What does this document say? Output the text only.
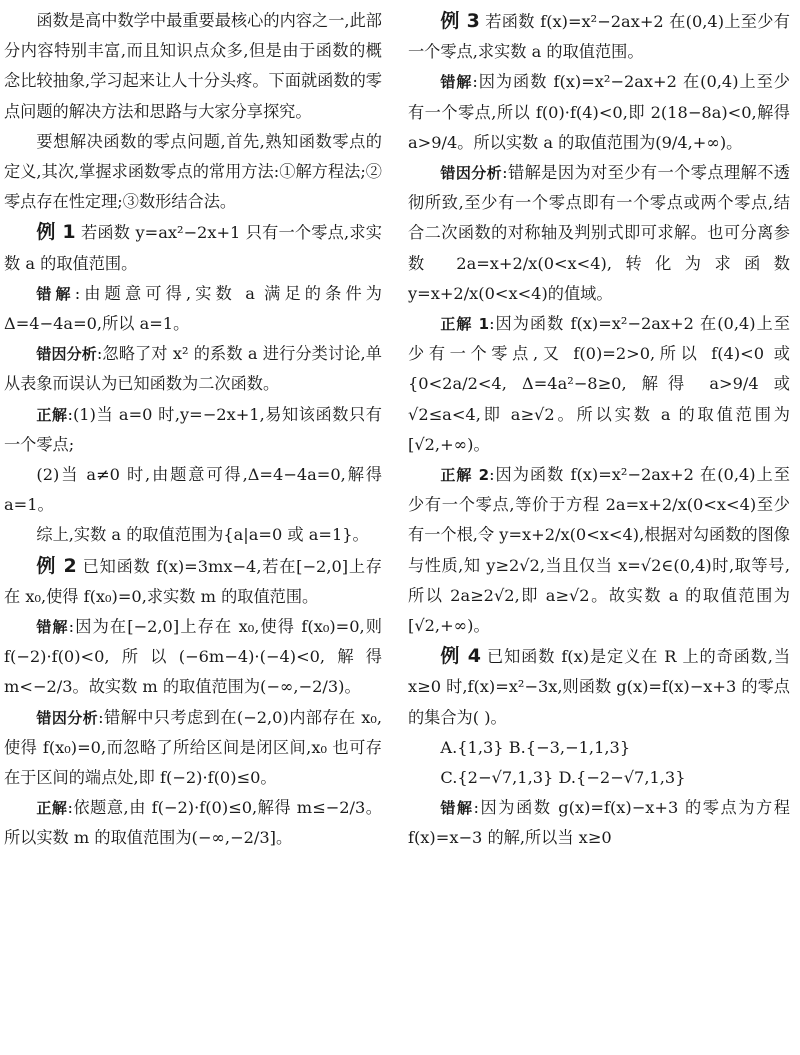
函数是高中数学中最重要最核心的内容之一,此部分内容特别丰富,而且知识点众多,但是由于函数的概念比较抽象,学习起来让人十分头疼。下面就函数的零点问题的解决方法和思路与大家分享探究。

要想解决函数的零点问题,首先,熟知函数零点的定义,其次,掌握求函数零点的常用方法:①解方程法;②零点存在性定理;③数形结合法。

例 1 若函数 y=ax²−2x+1 只有一个零点,求实数 a 的取值范围。

错解:由题意可得,实数 a 满足的条件为 Δ=4−4a=0,所以 a=1。

错因分析:忽略了对 x² 的系数 a 进行分类讨论,单从表象而误认为已知函数为二次函数。

正解:(1)当 a=0 时,y=−2x+1,易知该函数只有一个零点;

(2)当 a≠0 时,由题意可得,Δ=4−4a=0,解得 a=1。

综上,实数 a 的取值范围为{a|a=0 或 a=1}。

例 2 已知函数 f(x)=3mx−4,若在[−2,0]上存在 x₀,使得 f(x₀)=0,求实数 m 的取值范围。

错解:因为在[−2,0]上存在 x₀,使得 f(x₀)=0,则 f(−2)·f(0)<0,所以(−6m−4)·(−4)<0,解得 m<−2/3。故实数 m 的取值范围为(−∞,−2/3)。

错因分析:错解中只考虑到在(−2,0)内部存在 x₀,使得 f(x₀)=0,而忽略了所给区间是闭区间,x₀ 也可存在于区间的端点处,即 f(−2)·f(0)≤0。

正解:依题意,由 f(−2)·f(0)≤0,解得 m≤−2/3。所以实数 m 的取值范围为(−∞,−2/3]。

例 3 若函数 f(x)=x²−2ax+2 在(0,4)上至少有一个零点,求实数 a 的取值范围。

错解:因为函数 f(x)=x²−2ax+2 在(0,4)上至少有一个零点,所以 f(0)·f(4)<0,即 2(18−8a)<0,解得 a>9/4。所以实数 a 的取值范围为(9/4,+∞)。

错因分析:错解是因为对至少有一个零点理解不透彻所致,至少有一个零点即有一个零点或两个零点,结合二次函数的对称轴及判别式即可求解。也可分离参数 2a=x+2/x(0<x<4),转化为求函数 y=x+2/x(0<x<4)的值域。

正解 1:因为函数 f(x)=x²−2ax+2 在(0,4)上至少有一个零点,又 f(0)=2>0,所以 f(4)<0 或 {0<2a/2<4, Δ=4a²−8≥0, 解得 a>9/4 或 √2≤a<4,即 a≥√2。所以实数 a 的取值范围为[√2,+∞)。

正解 2:因为函数 f(x)=x²−2ax+2 在(0,4)上至少有一个零点,等价于方程 2a=x+2/x(0<x<4)至少有一个根,令 y=x+2/x(0<x<4),根据对勾函数的图像与性质,知 y≥2√2,当且仅当 x=√2∈(0,4)时,取等号,所以 2a≥2√2,即 a≥√2。故实数 a 的取值范围为[√2,+∞)。

例 4 已知函数 f(x)是定义在 R 上的奇函数,当 x≥0 时,f(x)=x²−3x,则函数 g(x)=f(x)−x+3 的零点的集合为( )。

A.{1,3} B.{−3,−1,1,3}

C.{2−√7,1,3} D.{−2−√7,1,3}

错解:因为函数 g(x)=f(x)−x+3 的零点为方程 f(x)=x−3 的解,所以当 x≥0
